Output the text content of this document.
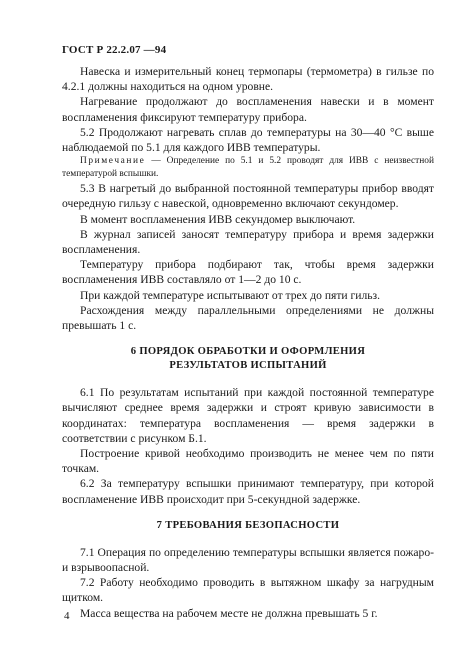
ГОСТ Р 22.2.07 —94

Навеска и измерительный конец термопары (термометра) в гильзе по 4.2.1 должны находиться на одном уровне.

Нагревание продолжают до воспламенения навески и в момент воспламенения фиксируют температуру прибора.

5.2 Продолжают нагревать сплав до температуры на 30—40 °С выше наблюдаемой по 5.1 для каждого ИВВ температуры.

Примечание — Определение по 5.1 и 5.2 проводят для ИВВ с неизвестной температурой вспышки.

5.3 В нагретый до выбранной постоянной температуры прибор вводят очередную гильзу с навеской, одновременно включают секундомер.

В момент воспламенения ИВВ секундомер выключают.

В журнал записей заносят температуру прибора и время задержки воспламенения.

Температуру прибора подбирают так, чтобы время задержки воспламенения ИВВ составляло от 1—2 до 10 с.

При каждой температуре испытывают от трех до пяти гильз.

Расхождения между параллельными определениями не должны превышать 1 с.

6 ПОРЯДОК ОБРАБОТКИ И ОФОРМЛЕНИЯ
РЕЗУЛЬТАТОВ ИСПЫТАНИЙ

6.1 По результатам испытаний при каждой постоянной температуре вычисляют среднее время задержки и строят кривую зависимости в координатах: температура воспламенения — время задержки в соответствии с рисунком Б.1.

Построение кривой необходимо производить не менее чем по пяти точкам.

6.2 За температуру вспышки принимают температуру, при которой воспламенение ИВВ происходит при 5-секундной задержке.

7 ТРЕБОВАНИЯ БЕЗОПАСНОСТИ

7.1 Операция по определению температуры вспышки является пожаро- и взрывоопасной.

7.2 Работу необходимо проводить в вытяжном шкафу за нагрудным щитком.

Масса вещества на рабочем месте не должна превышать 5 г.

4
